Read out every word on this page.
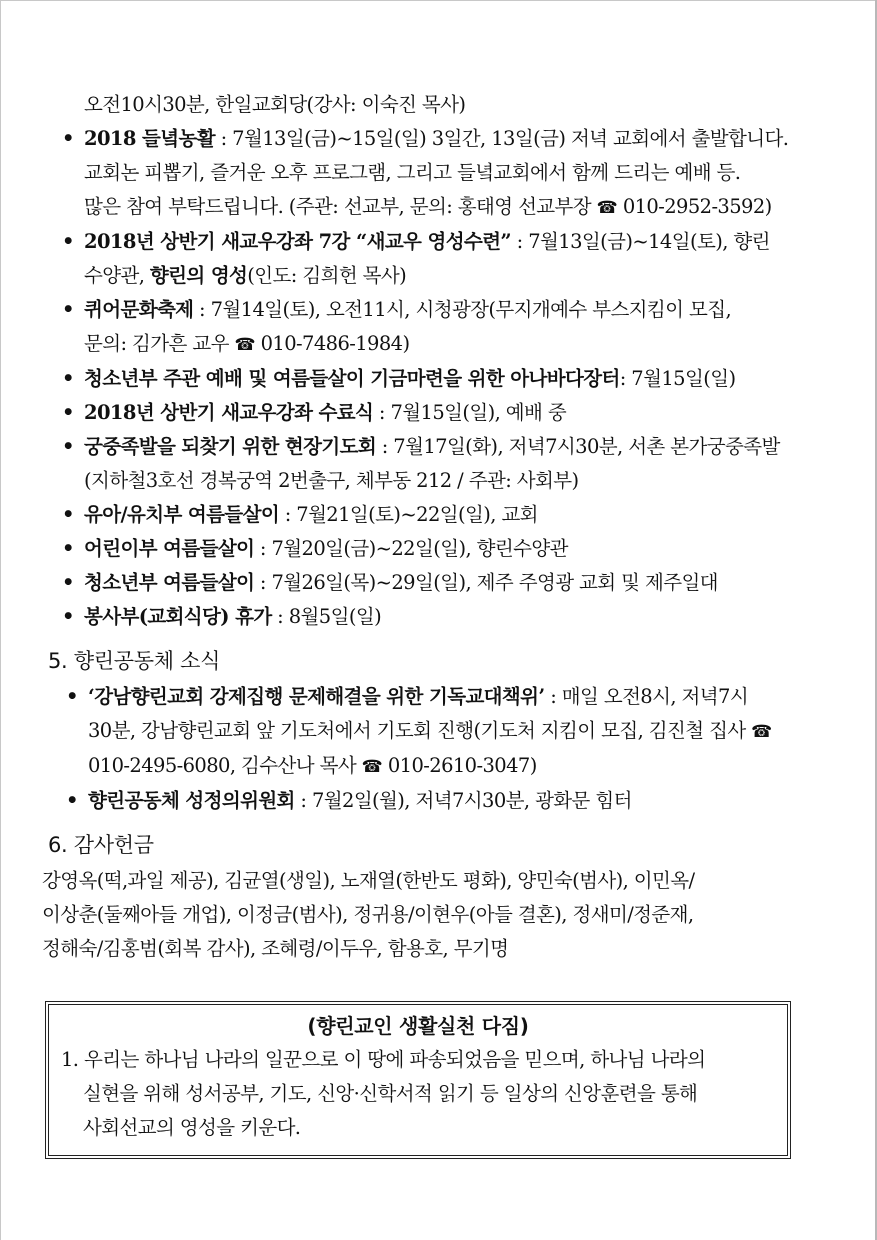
오전10시30분, 한일교회당(강사: 이숙진 목사)
• 2018 들녘농활 : 7월13일(금)~15일(일) 3일간, 13일(금) 저녁 교회에서 출발합니다.
교회논 피뽑기, 즐거운 오후 프로그램, 그리고 들녘교회에서 함께 드리는 예배 등.
많은 참여 부탁드립니다. (주관: 선교부, 문의: 홍태영 선교부장 ☎ 010-2952-3592)
• 2018년 상반기 새교우강좌 7강 “새교우 영성수련” : 7월13일(금)~14일(토), 향린
수양관, 향린의 영성(인도: 김희헌 목사)
• 퀴어문화축제 : 7월14일(토), 오전11시, 시청광장(무지개예수 부스지킴이 모집,
문의: 김가흔 교우 ☎ 010-7486-1984)
• 청소년부 주관 예배 및 여름들살이 기금마련을 위한 아나바다장터: 7월15일(일)
• 2018년 상반기 새교우강좌 수료식 : 7월15일(일), 예배 중
• 궁중족발을 되찾기 위한 현장기도회 : 7월17일(화), 저녁7시30분, 서촌 본가궁중족발
(지하철3호선 경복궁역 2번출구, 체부동 212 / 주관: 사회부)
• 유아/유치부 여름들살이 : 7월21일(토)~22일(일), 교회
• 어린이부 여름들살이 : 7월20일(금)~22일(일), 향린수양관
• 청소년부 여름들살이 : 7월26일(목)~29일(일), 제주 주영광 교회 및 제주일대
• 봉사부(교회식당) 휴가 : 8월5일(일)
5. 향린공동체 소식
• ‘강남향린교회 강제집행 문제해결을 위한 기독교대책위’ : 매일 오전8시, 저녁7시
30분, 강남향린교회 앞 기도처에서 기도회 진행(기도처 지킴이 모집, 김진철 집사 ☎
010-2495-6080, 김수산나 목사 ☎ 010-2610-3047)
• 향린공동체 성정의위원회 : 7월2일(월), 저녁7시30분, 광화문 힘터
6. 감사헌금
강영옥(떡,과일 제공), 김균열(생일), 노재열(한반도 평화), 양민숙(범사), 이민옥/
이상춘(둘째아들 개업), 이정금(범사), 정귀용/이현우(아들 결혼), 정새미/정준재,
정해숙/김홍범(회복 감사), 조혜령/이두우, 함용호, 무기명
(향린교인 생활실천 다짐)
1. 우리는 하나님 나라의 일꾼으로 이 땅에 파송되었음을 믿으며, 하나님 나라의
실현을 위해 성서공부, 기도, 신앙·신학서적 읽기 등 일상의 신앙훈련을 통해
사회선교의 영성을 키운다.
